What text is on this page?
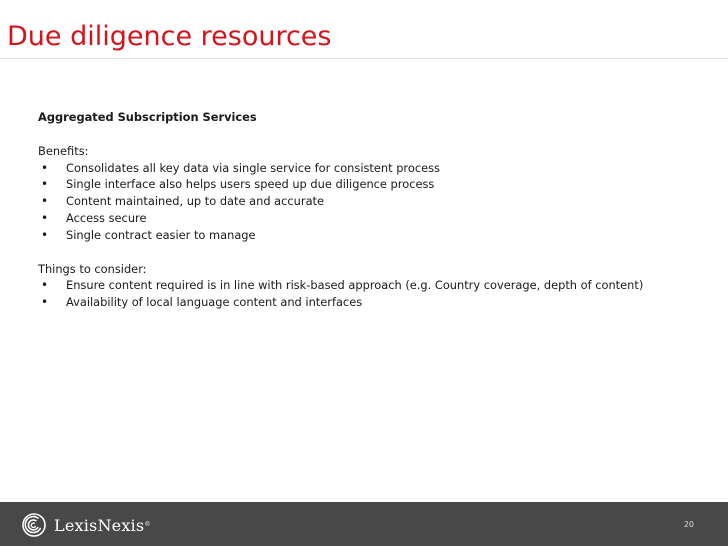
Due diligence resources
Aggregated Subscription Services
Benefits:
• Consolidates all key data via single service for consistent process
• Single interface also helps users speed up due diligence process
• Content maintained, up to date and accurate
• Access secure
• Single contract easier to manage
Things to consider:
• Ensure content required is in line with risk-based approach (e.g. Country coverage, depth of content)
• Availability of local language content and interfaces
LexisNexis ®	20
